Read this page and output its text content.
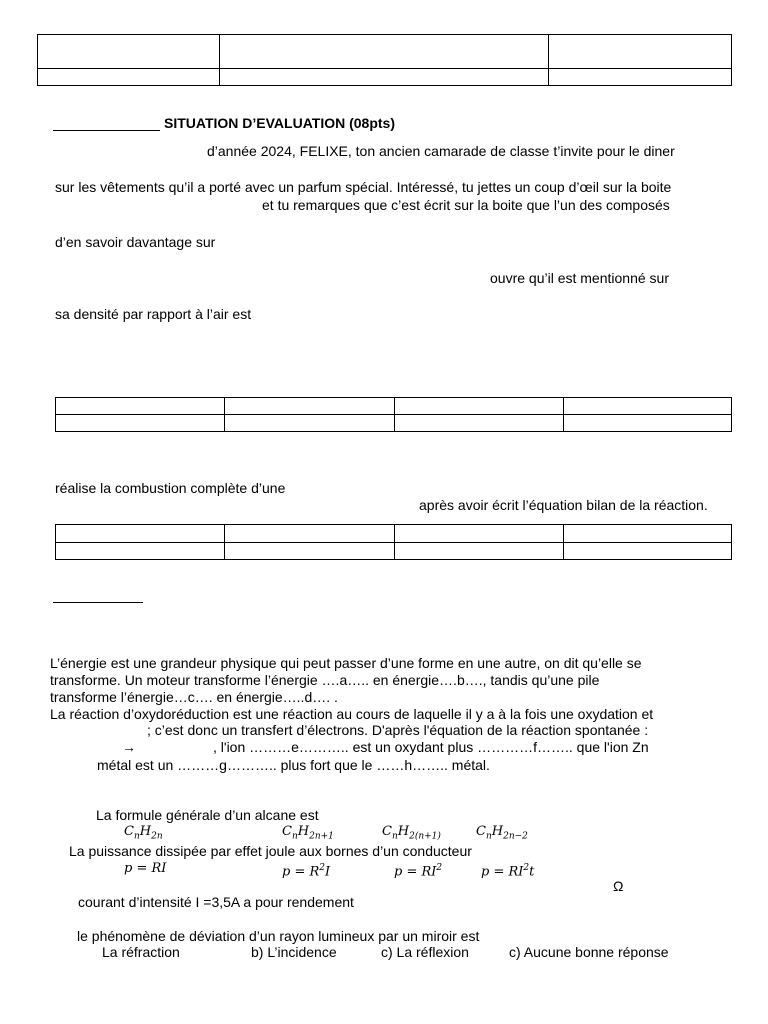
SITUATION D’EVALUATION (08pts)
d’année 2024, FELIXE, ton ancien camarade de classe t’invite pour le diner
sur les vêtements qu’il a porté avec un parfum spécial. Intéressé, tu jettes un coup d’œil sur la boite
et tu remarques que c’est écrit sur la boite que l’un des composés
d’en savoir davantage sur
ouvre qu’il est mentionné sur
sa densité par rapport à l’air est

réalise la combustion complète d’une
après avoir écrit l’équation bilan de la réaction.

L’énergie est une grandeur physique qui peut passer d’une forme en une autre, on dit qu’elle se
transforme. Un moteur transforme l’énergie ….a….. en énergie….b…., tandis qu’une pile
transforme l’énergie…c…. en énergie…..d…. .
La réaction d’oxydoréduction est une réaction au cours de laquelle il y a à la fois une oxydation et
; c’est donc un transfert d’électrons. D'après l'équation de la réaction spontanée :
→	, l'ion ………e……….. est un oxydant plus …………f…….. que l'ion Zn
métal est un ………g……….. plus fort que le ……h…….. métal.
La formule générale d’un alcane est
$C_nH_{2n}$	$C_nH_{2n+1}$	$C_nH_{2(n+1)}$	$C_nH_{2n-2}$
La puissance dissipée par effet joule aux bornes d’un conducteur
p = RI	$p = R^2I$	$p = RI^2$	$p = RI^2t$
Ω
courant d’intensité I =3,5A a pour rendement
le phénomène de déviation d’un rayon lumineux par un miroir est
La réfraction	b) L’incidence	c) La réflexion	c) Aucune bonne réponse
